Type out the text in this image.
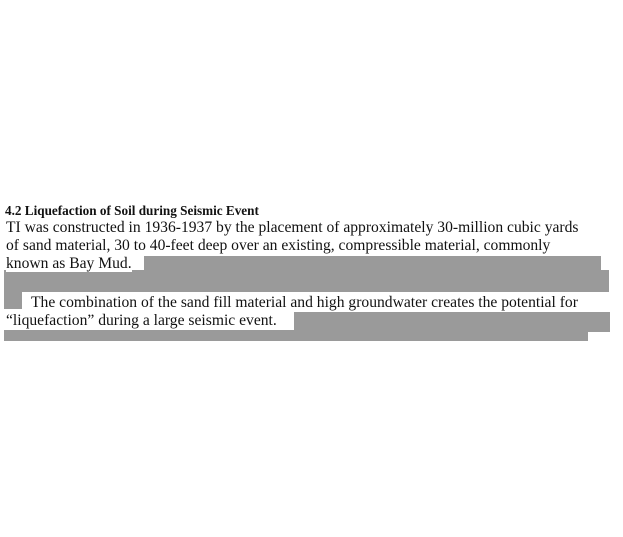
4.2 Liquefaction of Soil during Seismic Event
TI was constructed in 1936-1937 by the placement of approximately 30-million cubic yards
of sand material, 30 to 40-feet deep over an existing, compressible material, commonly
known as Bay Mud.
The combination of the sand fill material and high groundwater creates the potential for
“liquefaction” during a large seismic event.
